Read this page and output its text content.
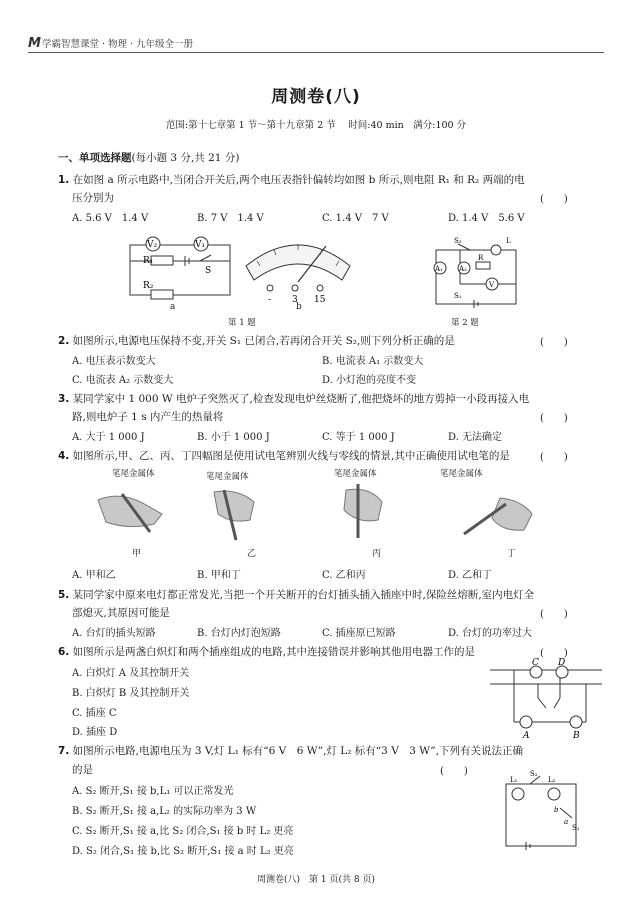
M 学霸智慧课堂 · 物理 · 九年级全一册
周测卷(八)
范围:第十七章第 1 节～第十九章第 2 节　 时间:40 min　满分:100 分
一、单项选择题(每小题 3 分,共 21 分)
1. 在如图 a 所示电路中,当闭合开关后,两个电压表指针偏转均如图 b 所示,则电阻 R₁ 和 R₂ 两端的电
压分别为	(　　)
A. 5.6 V　1.4 V	B. 7 V　1.4 V	C. 1.4 V　7 V	D. 1.4 V　5.6 V
V₂	V₁
R₁
R₂
S
a
- 3 15
b
A₁ A₂
V
R
S₂	L
S₁
第 1 题	第 2 题
2. 如图所示,电源电压保持不变,开关 S₁ 已闭合,若再闭合开关 S₂,则下列分析正确的是	(　　)
A. 电压表示数变大	B. 电流表 A₁ 示数变大
C. 电流表 A₂ 示数变大	D. 小灯泡的亮度不变
3. 某同学家中 1 000 W 电炉子突然灭了,检查发现电炉丝烧断了,他把烧坏的地方剪掉一小段再接入电
路,则电炉子 1 s 内产生的热量将	(　　)
A. 大于 1 000 J	B. 小于 1 000 J	C. 等于 1 000 J	D. 无法确定
4. 如图所示,甲、乙、丙、丁四幅图是使用试电笔辨别火线与零线的情景,其中正确使用试电笔的是	(　　)
笔尾金属体	笔尾金属体	笔尾金属体	笔尾金属体
甲	乙	丙	丁
A. 甲和乙	B. 甲和丁	C. 乙和丙	D. 乙和丁
5. 某同学家中原来电灯都正常发光,当把一个开关断开的台灯插头插入插座中时,保险丝熔断,室内电灯全
部熄灭,其原因可能是	(　　)
A. 台灯的插头短路	B. 台灯内灯泡短路	C. 插座原已短路	D. 台灯的功率过大
6. 如图所示是两盏白炽灯和两个插座组成的电路,其中连接错误并影响其他用电器工作的是	(　　)
A. 白炽灯 A 及其控制开关
B. 白炽灯 B 及其控制开关
C. 插座 C
D. 插座 D
C D
A	B
7. 如图所示电路,电源电压为 3 V,灯 L₁ 标有“6 V　6 W”,灯 L₂ 标有“3 V　3 W”,下列有关说法正确
的是	(　　)
A. S₂ 断开,S₁ 接 b,L₁ 可以正常发光
B. S₂ 断开,S₁ 接 a,L₂ 的实际功率为 3 W
C. S₂ 断开,S₁ 接 a,比 S₂ 闭合,S₁ 接 b 时 L₂ 更亮
D. S₂ 闭合,S₁ 接 b,比 S₂ 断开,S₁ 接 a 时 L₂ 更亮
L₁	L₂
S₂
S₁
a
b
周测卷(八)　第 1 页(共 8 页)
